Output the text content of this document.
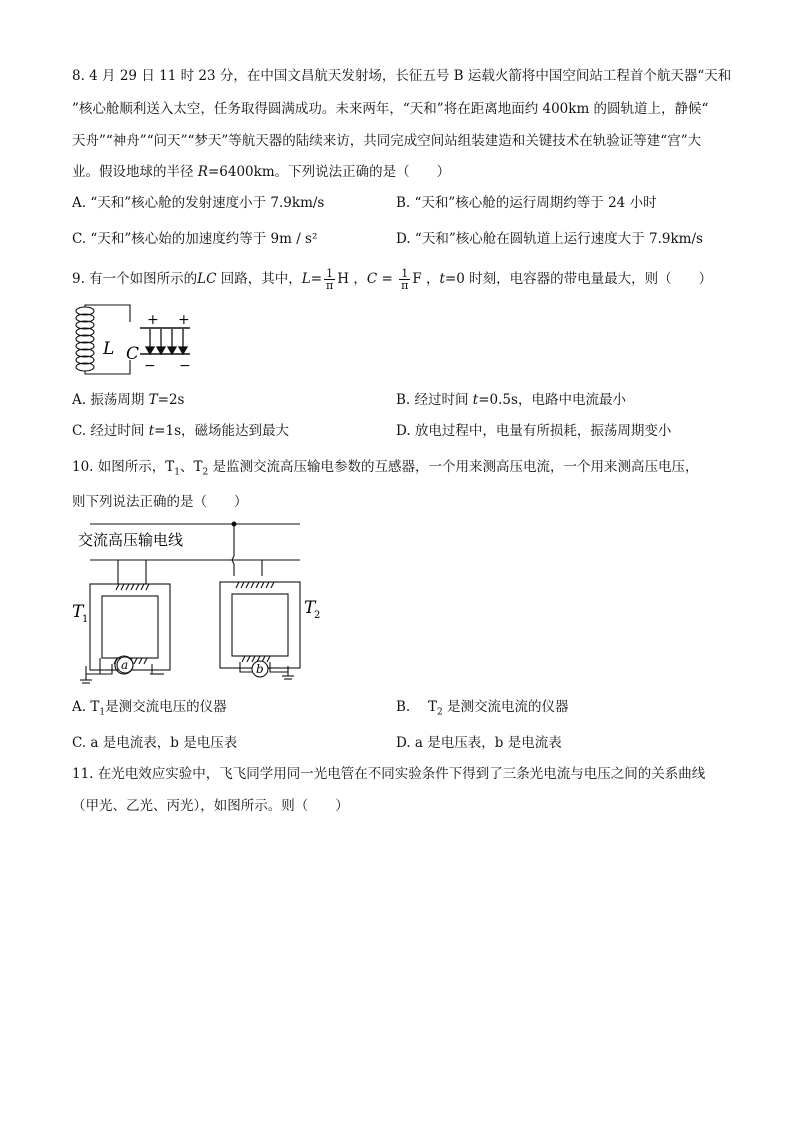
8. 4 月 29 日 11 时 23 分，在中国文昌航天发射场，长征五号 B 运载火箭将中国空间站工程首个航天器“天和
”核心舱顺利送入太空，任务取得圆满成功。未来两年，“天和”将在距离地面约 400km 的圆轨道上，静候“
天舟”“神舟”“问天”“梦天”等航天器的陆续来访，共同完成空间站组装建造和关键技术在轨验证等建“宫”大
业。假设地球的半径 R=6400km。下列说法正确的是（　　）
A. “天和”核心舱的发射速度小于 7.9km/s	B. “天和”核心舱的运行周期约等于 24 小时
C. “天和”核心始的加速度约等于 9m / s²	D. “天和”核心舱在圆轨道上运行速度大于 7.9km/s
9. 有一个如图所示的LC 回路，其中，$L= \frac{1}{\pi}$ H ，$C = \frac{1}{\pi}$ F ，t=0 时刻，电容器的带电量最大，则（　　）
+ +
− −
L C
A. 振荡周期 T=2s	B. 经过时间 t=0.5s，电路中电流最小
C. 经过时间 t=1s，磁场能达到最大	D. 放电过程中，电量有所损耗，振荡周期变小
10. 如图所示，$T_1$、$T_2$ 是监测交流高压输电参数的互感器，一个用来测高压电流，一个用来测高压电压，
则下列说法正确的是（　　）
交流高压输电线
T
1
T
2
a	b
A. $T_1$是测交流电压的仪器	B. 　$T_2$ 是测交流电流的仪器
C. a 是电流表，b 是电压表	D. a 是电压表，b 是电流表
11. 在光电效应实验中，飞飞同学用同一光电管在不同实验条件下得到了三条光电流与电压之间的关系曲线
（甲光、乙光、丙光），如图所示。则（　　）
